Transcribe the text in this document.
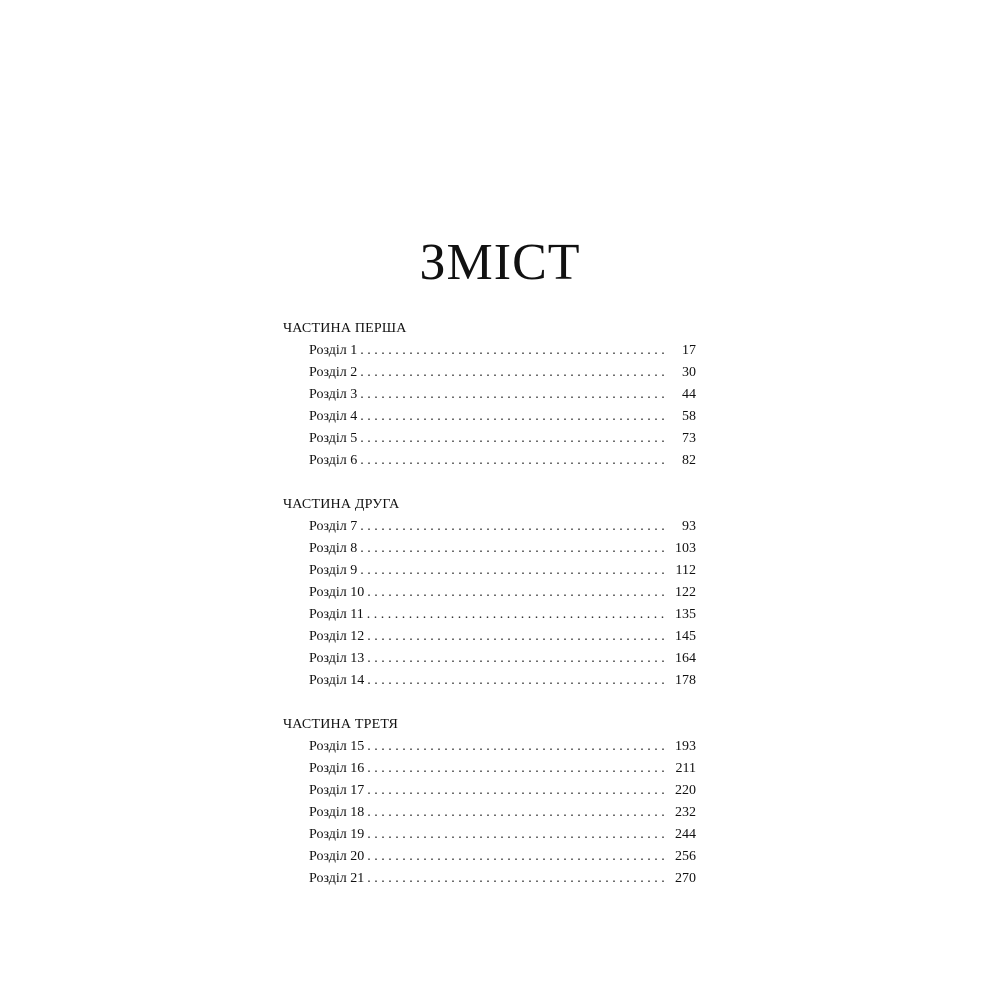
ЗМІСТ
ЧАСТИНА ПЕРША
Розділ 1 . . .	17
Розділ 2 . . .	30
Розділ 3 . . .	44
Розділ 4 . . .	58
Розділ 5 . . .	73
Розділ 6 . . .	82
ЧАСТИНА ДРУГА
Розділ 7 . . .	93
Розділ 8 . . .	103
Розділ 9 . . .	112
Розділ 10 . . .	122
Розділ 11 . . .	135
Розділ 12 . . .	145
Розділ 13 . . .	164
Розділ 14 . . .	178
ЧАСТИНА ТРЕТЯ
Розділ 15 . . .	193
Розділ 16 . . .	211
Розділ 17 . . .	220
Розділ 18 . . .	232
Розділ 19 . . .	244
Розділ 20 . . .	256
Розділ 21 . . .	270
